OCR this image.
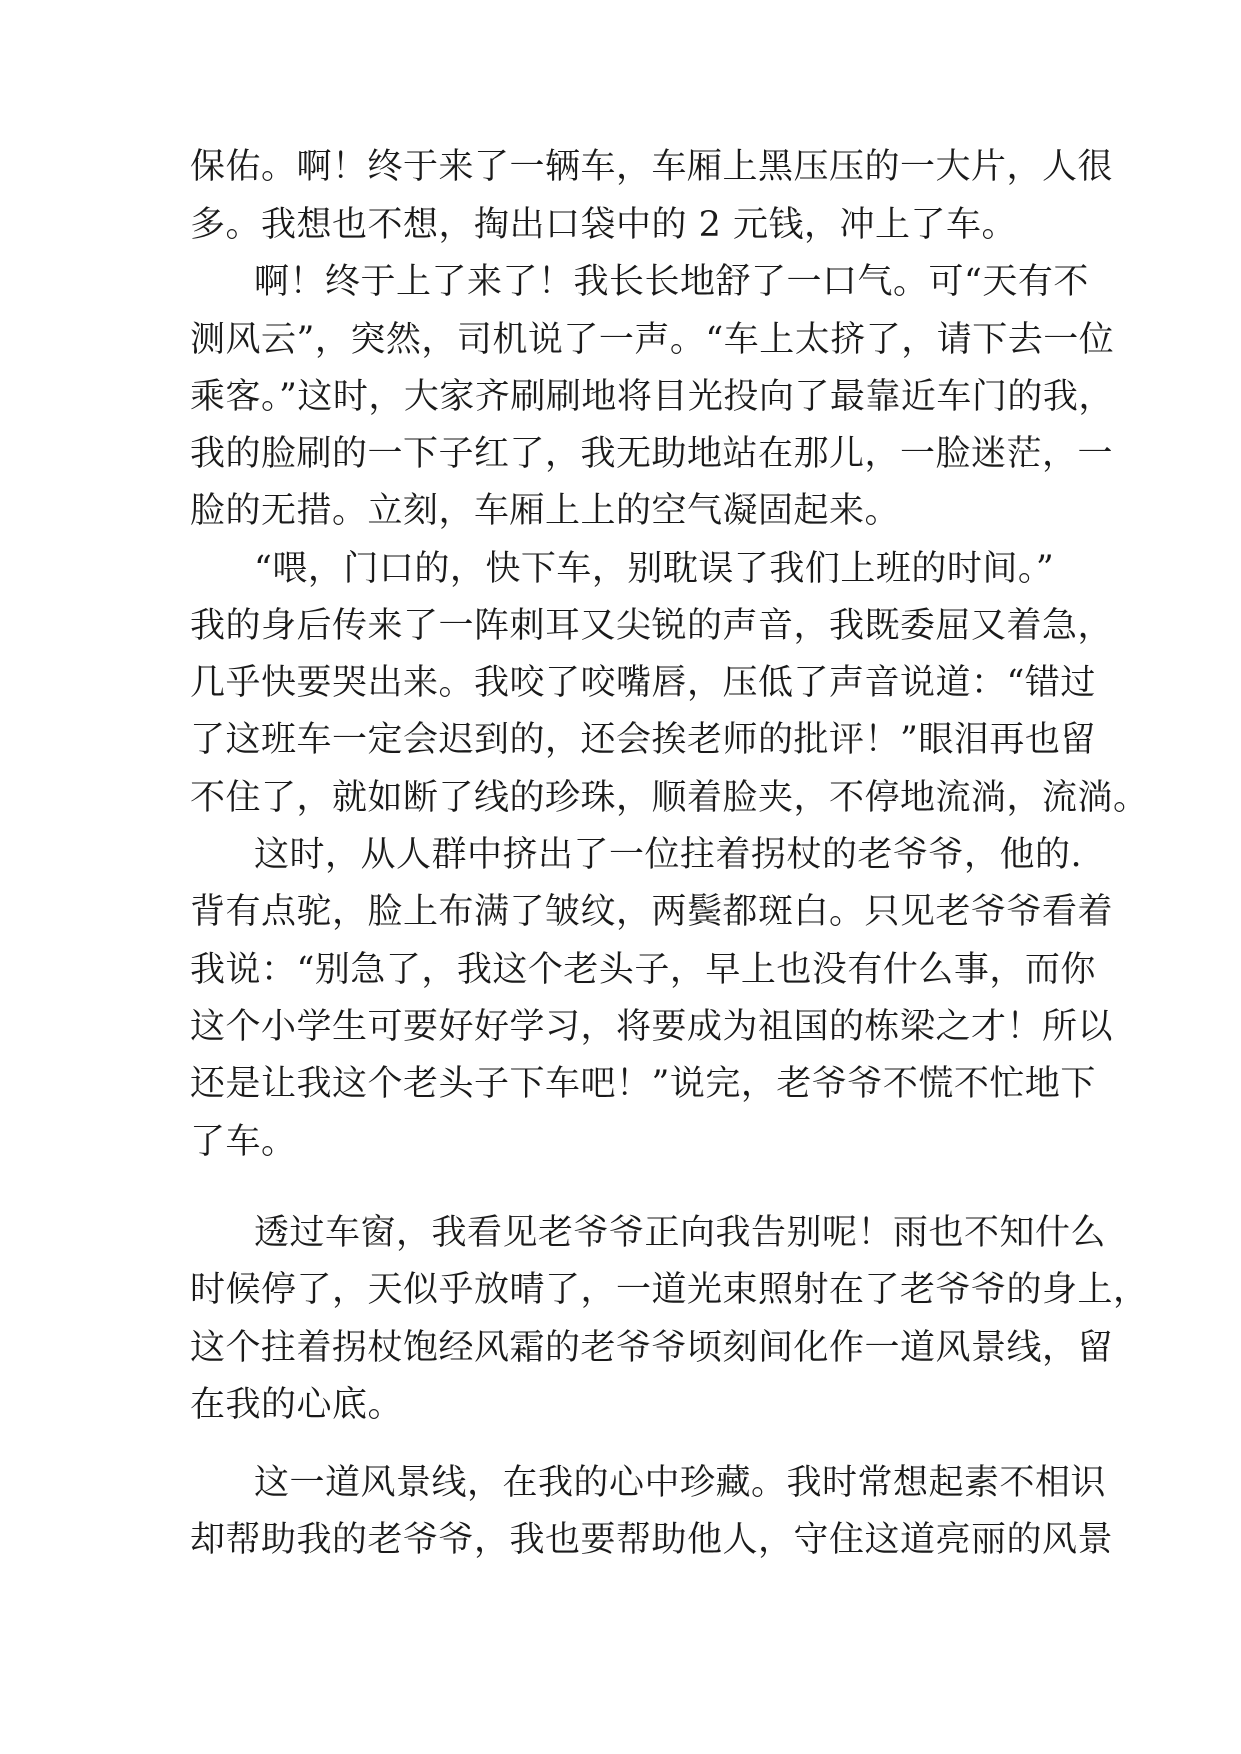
保佑。啊！终于来了一辆车，车厢上黑压压的一大片，人很
多。我想也不想，掏出口袋中的 2 元钱，冲上了车。
啊！终于上了来了！我长长地舒了一口气。可“天有不
测风云”，突然，司机说了一声。“车上太挤了，请下去一位
乘客。”这时，大家齐刷刷地将目光投向了最靠近车门的我，
我的脸刷的一下子红了，我无助地站在那儿，一脸迷茫，一
脸的无措。立刻，车厢上上的空气凝固起来。
“喂，门口的，快下车，别耽误了我们上班的时间。”
我的身后传来了一阵刺耳又尖锐的声音，我既委屈又着急，
几乎快要哭出来。我咬了咬嘴唇，压低了声音说道：“错过
了这班车一定会迟到的，还会挨老师的批评！”眼泪再也留
不住了，就如断了线的珍珠，顺着脸夹，不停地流淌，流淌。
这时，从人群中挤出了一位拄着拐杖的老爷爷，他的.
背有点驼，脸上布满了皱纹，两鬓都斑白。只见老爷爷看着
我说：“别急了，我这个老头子，早上也没有什么事，而你
这个小学生可要好好学习，将要成为祖国的栋梁之才！所以
还是让我这个老头子下车吧！”说完，老爷爷不慌不忙地下
了车。
透过车窗，我看见老爷爷正向我告别呢！雨也不知什么
时候停了，天似乎放晴了，一道光束照射在了老爷爷的身上，
这个拄着拐杖饱经风霜的老爷爷顷刻间化作一道风景线，留
在我的心底。
这一道风景线，在我的心中珍藏。我时常想起素不相识
却帮助我的老爷爷，我也要帮助他人，守住这道亮丽的风景
